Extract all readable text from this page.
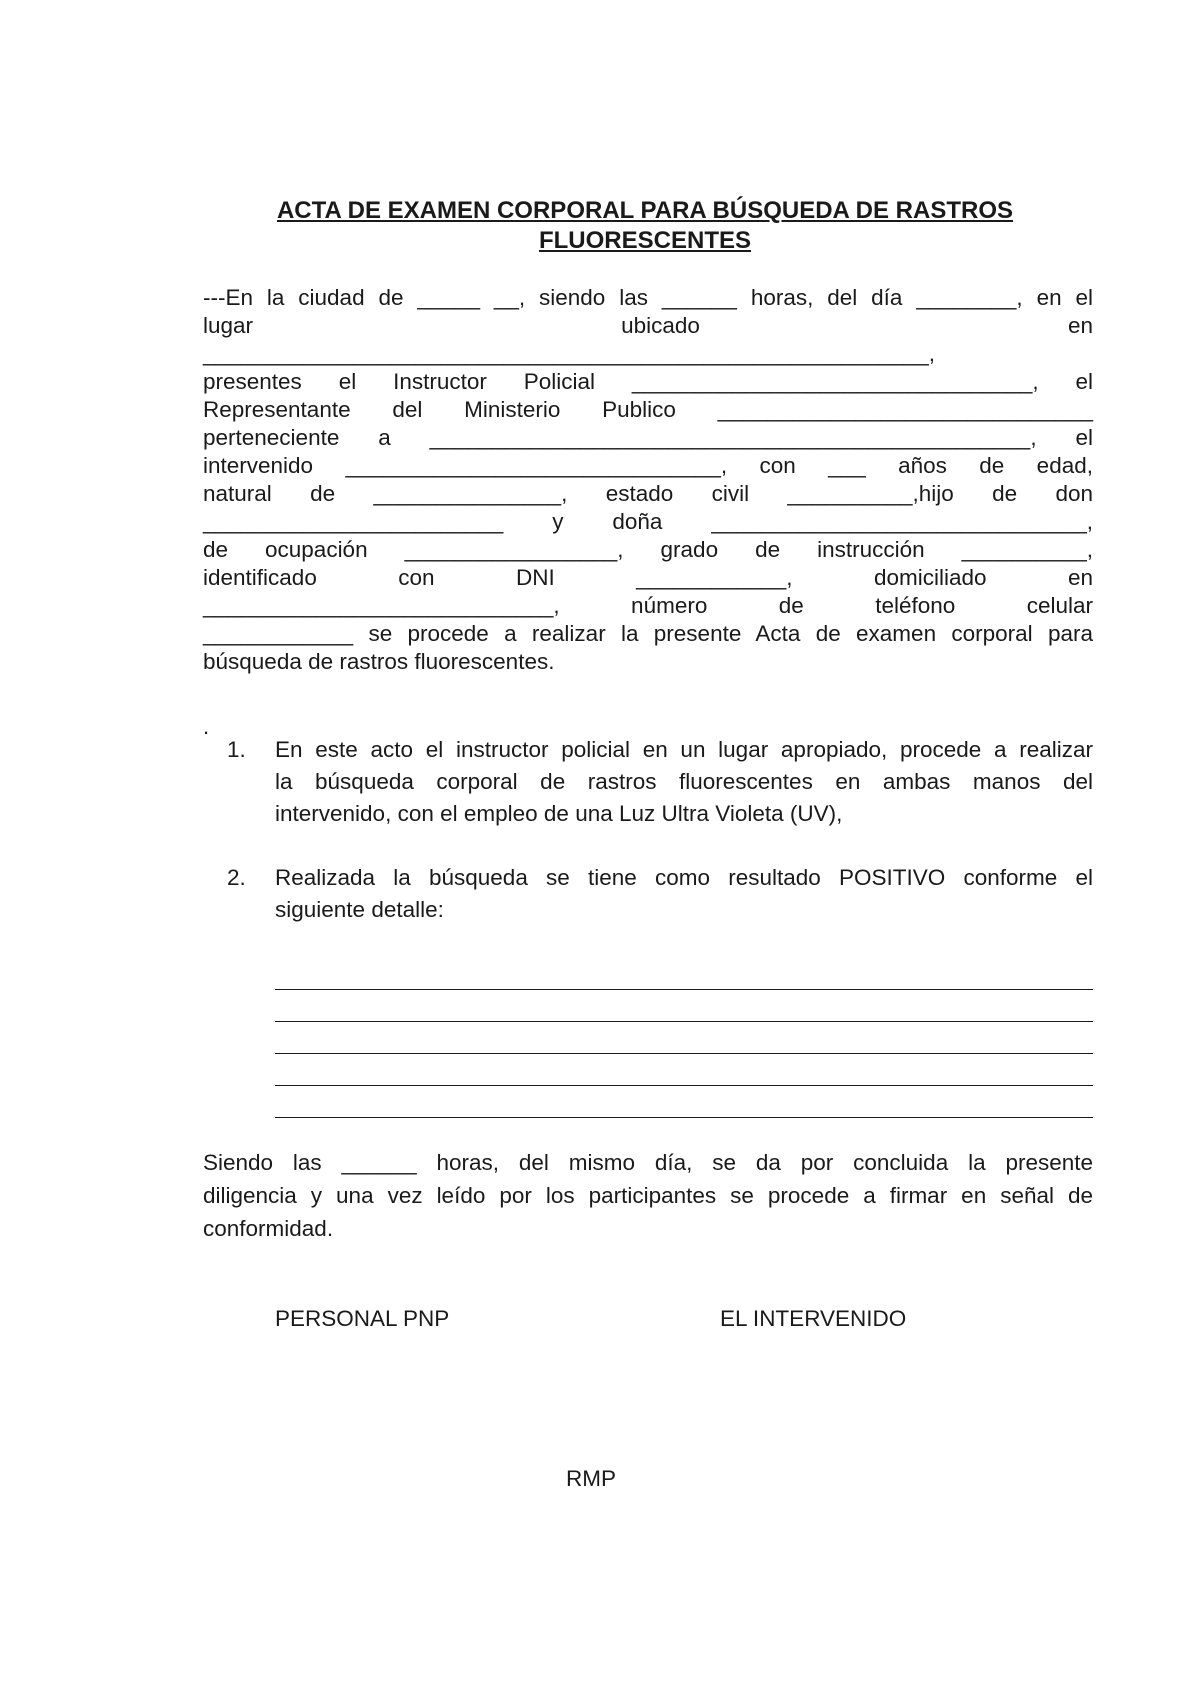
ACTA DE EXAMEN CORPORAL PARA BÚSQUEDA DE RASTROS
FLUORESCENTES
---En la ciudad de _____ __, siendo las ______ horas, del día ________, en el
lugar ubicado en
__________________________________________________________,
presentes el Instructor Policial ________________________________, el
Representante del Ministerio Publico ______________________________
perteneciente a ________________________________________________, el
intervenido ______________________________, con ___ años de edad,
natural de _______________, estado civil __________,hijo de don
________________________ y doña ______________________________,
de ocupación _________________, grado de instrucción __________,
identificado con DNI ____________, domiciliado en
____________________________, número de teléfono celular
____________ se procede a realizar la presente Acta de examen corporal para
búsqueda de rastros fluorescentes.
.
1.	En este acto el instructor policial en un lugar apropiado, procede a realizar
la búsqueda corporal de rastros fluorescentes en ambas manos del
intervenido, con el empleo de una Luz Ultra Violeta (UV),
2.	Realizada la búsqueda se tiene como resultado POSITIVO conforme el
siguiente detalle:
Siendo las ______ horas, del mismo día, se da por concluida la presente
diligencia y una vez leído por los participantes se procede a firmar en señal de
conformidad.
PERSONAL PNP	EL INTERVENIDO
RMP
